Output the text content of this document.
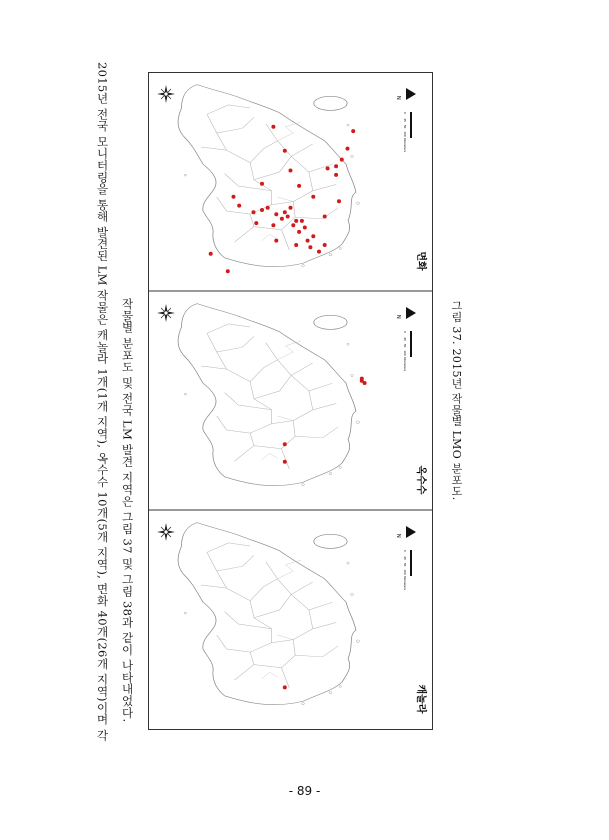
2015년 전국 모니터링을 통해 발견된 LM 작물은 캐놀라 1개(1개 지역), 옥수수 10개(5개 지역), 면화 40개(26개 지역)이며 각 작물별 분포도 및 전국 LM 발견 지역은 그림 37 및 그림 38과 같이 나타내었다.
N
0
25
50
100
Kilometers
면화
N
0
25
50
100
Kilometers
옥수수
N
0
25
50
100
Kilometers
캐놀라
그림 37. 2015년 작물별 LMO 분포도.
- 89 -
